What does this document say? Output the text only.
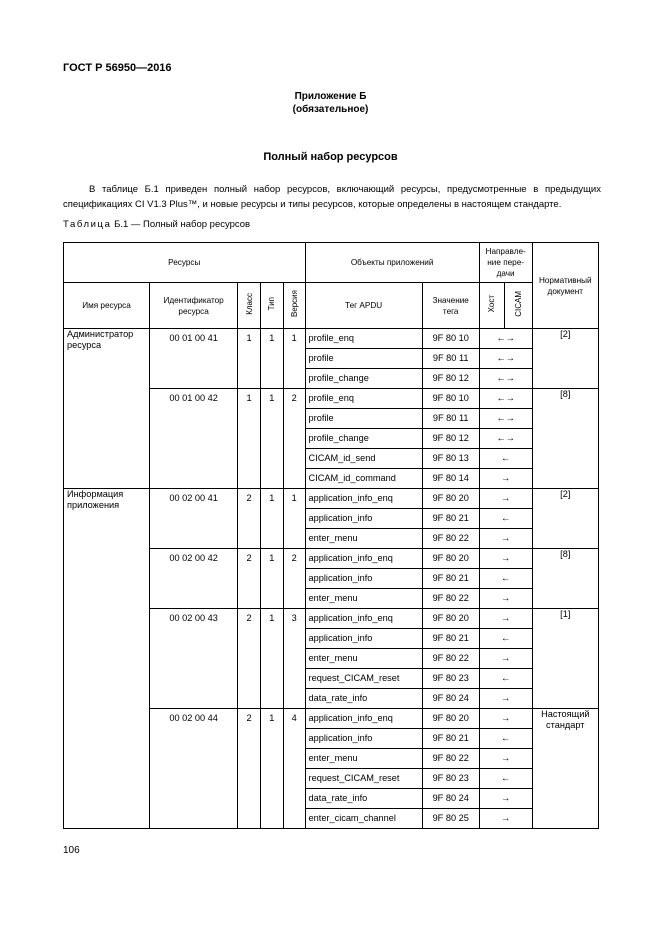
ГОСТ Р 56950—2016
Приложение Б
(обязательное)
Полный набор ресурсов
В таблице Б.1 приведен полный набор ресурсов, включающий ресурсы, предусмотренные в предыдущих спецификациях CI V1.3 Plus™, и новые ресурсы и типы ресурсов, которые определены в настоящем стандарте.
Таблица Б.1 — Полный набор ресурсов
Ресурсы					Объекты приложений		Направле-ние пере-дачи		Нормативный документ
Имя ресурса	Идентификатор ресурса	Класс	Тип	Версия	Тег APDU	Значение тега	Хост	CICAM	
Администратор ресурса	00 01 00 41	1	1	1	profile_enq	9F 80 10	←→		[2]
					profile	9F 80 11	←→		
					profile_change	9F 80 12	←→		
	00 01 00 42	1	1	2	profile_enq	9F 80 10	←→		[8]
					profile	9F 80 11	←→		
					profile_change	9F 80 12	←→		
					CICAM_id_send	9F 80 13	←		
					CICAM_id_command	9F 80 14	→		
Информация приложения	00 02 00 41	2	1	1	application_info_enq	9F 80 20	→		[2]
					application_info	9F 80 21	←		
					enter_menu	9F 80 22	→		
	00 02 00 42	2	1	2	application_info_enq	9F 80 20	→		[8]
					application_info	9F 80 21	←		
					enter_menu	9F 80 22	→		
	00 02 00 43	2	1	3	application_info_enq	9F 80 20	→		[1]
					application_info	9F 80 21	←		
					enter_menu	9F 80 22	→		
					request_CICAM_reset	9F 80 23	←		
					data_rate_info	9F 80 24	→		
	00 02 00 44	2	1	4	application_info_enq	9F 80 20	→		Настоящий стандарт
					application_info	9F 80 21	←		
					enter_menu	9F 80 22	→		
					request_CICAM_reset	9F 80 23	←		
					data_rate_info	9F 80 24	→		
					enter_cicam_channel	9F 80 25	→		
106
